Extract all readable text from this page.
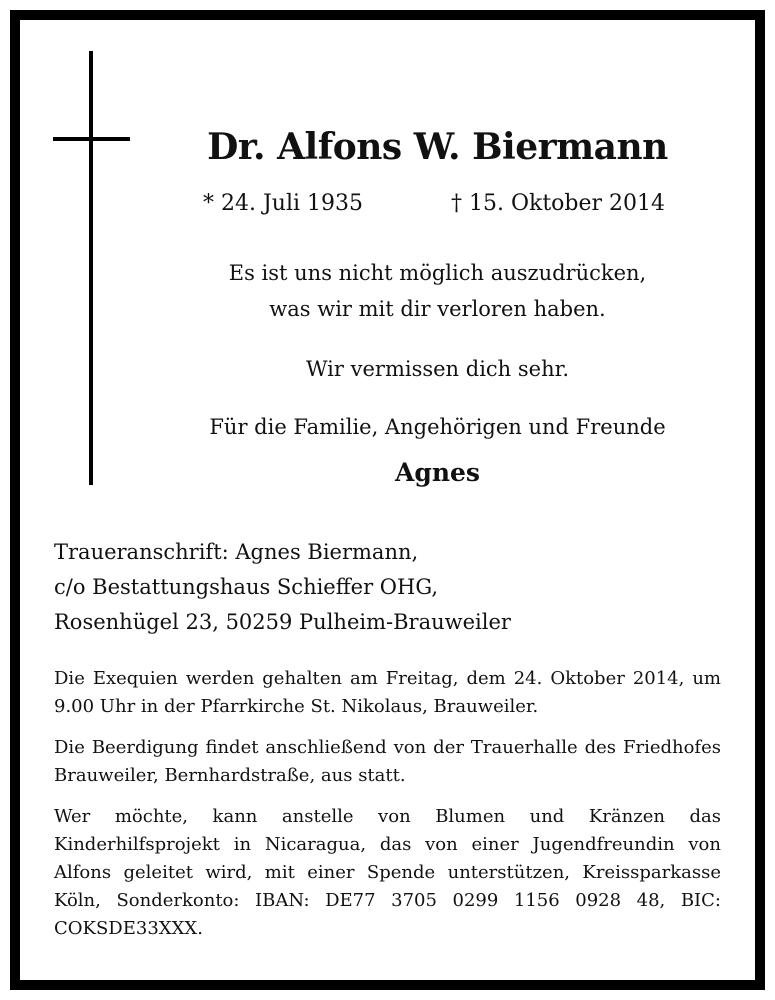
Dr. Alfons W. Biermann
* 24. Juli 1935	† 15. Oktober 2014
Es ist uns nicht möglich auszudrücken,
was wir mit dir verloren haben.
Wir vermissen dich sehr.
Für die Familie, Angehörigen und Freunde
Agnes
Traueranschrift: Agnes Biermann,
c/o Bestattungshaus Schieffer OHG,
Rosenhügel 23, 50259 Pulheim-Brauweiler
Die Exequien werden gehalten am Freitag, dem 24. Oktober 2014, um 9.00 Uhr in der Pfarrkirche St. Nikolaus, Brauweiler.
Die Beerdigung findet anschließend von der Trauerhalle des Friedhofes Brauweiler, Bernhardstraße, aus statt.
Wer möchte, kann anstelle von Blumen und Kränzen das Kinderhilfsprojekt in Nicaragua, das von einer Jugendfreundin von Alfons geleitet wird, mit einer Spende unterstützen, Kreissparkasse Köln, Sonderkonto: IBAN: DE77 3705 0299 1156 0928 48, BIC: COKSDE33XXX.
